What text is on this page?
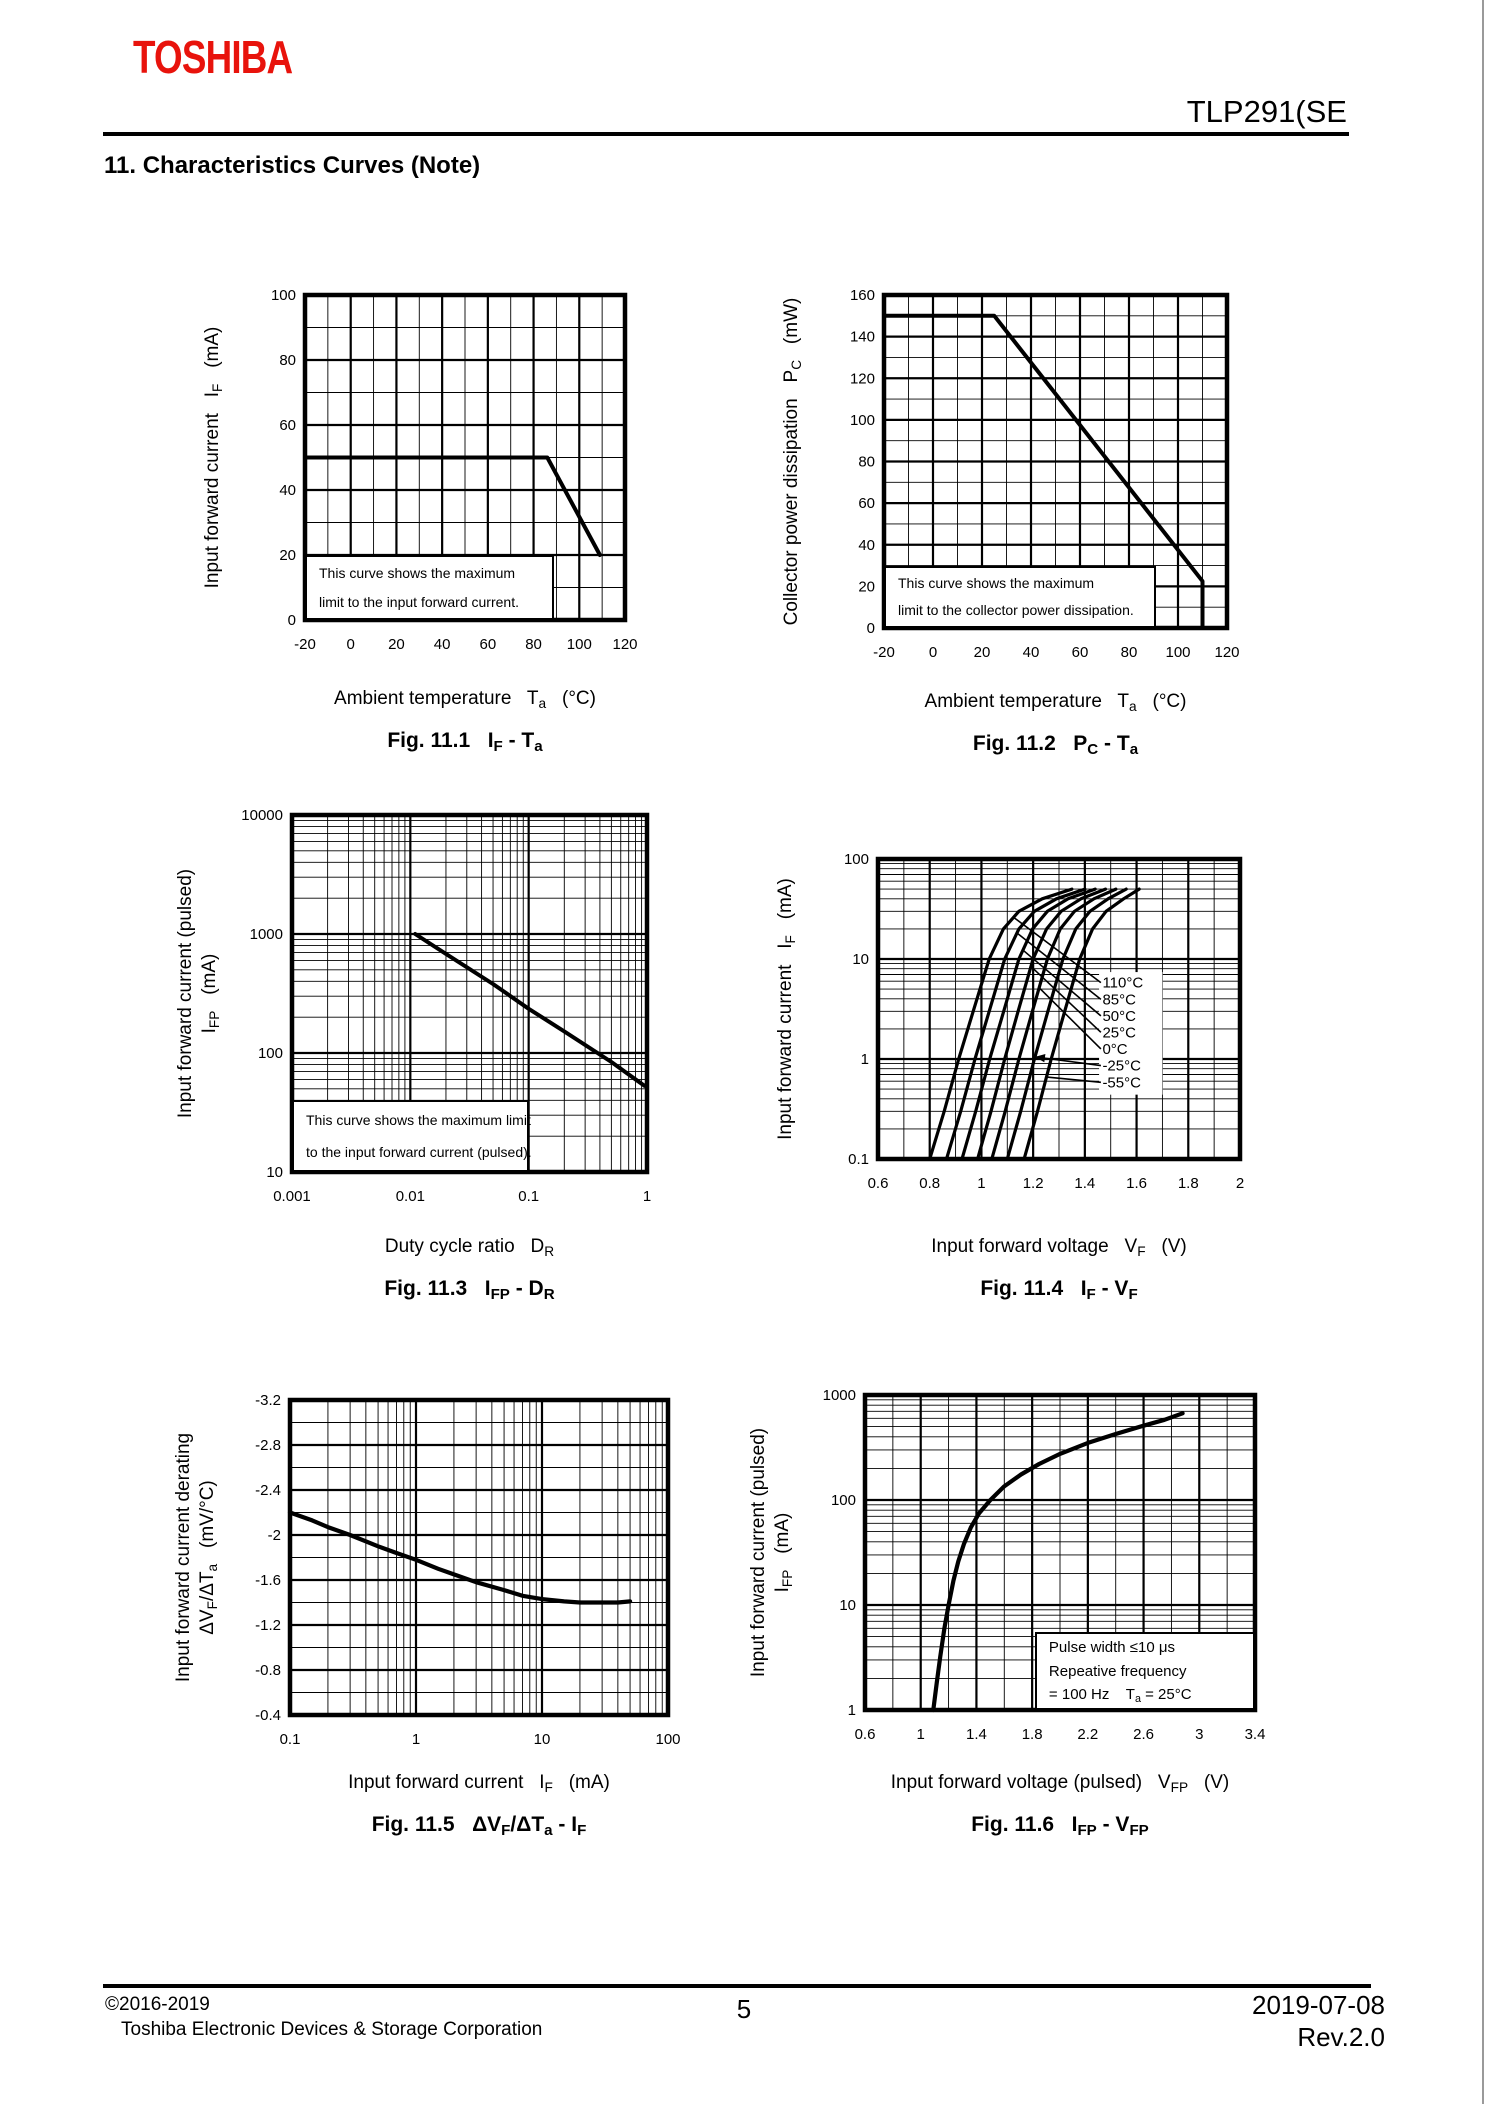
TOSHIBA
TLP291(SE
11. Characteristics Curves (Note)
-20 0 20 40 60 80 100 120
0
20
40
60
80
100
Input forward current   $I_F$   (mA)
Ambient temperature   $T_a$   (°C)
Fig. 11.1   $I_F - T_a$
This curve shows the maximum
limit to the input forward current.
-20 0 20 40 60 80 100 120
0
20
40
60
80
100
120
140
160
Collector power dissipation   $P_C$   (mW)
Ambient temperature   $T_a$   (°C)
Fig. 11.2   $P_C - T_a$
This curve shows the maximum
limit to the collector power dissipation.
0.001	0.01	0.1	1
10
100
1000
10000
Input forward current (pulsed) $I_{FP}$   (mA)
Duty cycle ratio   $D_R$
Fig. 11.3   $I_{FP} - D_R$
This curve shows the maximum limit
to the input forward current (pulsed).
0.6 0.8 1 1.2 1.4 1.6 1.8 2
0.1
1
10
100
110°C
85°C
50°C
25°C
0°C
-25°C
-55°C
Input forward current   $I_F$   (mA)
Input forward voltage   $V_F$   (V)
Fig. 11.4   $I_F - V_F$
0.1	1	10	100
-3.2
-2.8
-2.4
-2
-1.6
-1.2
-0.8
-0.4
Input forward current derating $\Delta V_F/\Delta T_a$   (mV/°C)
Input forward current   $I_F$   (mA)
Fig. 11.5   $\Delta V_F/\Delta T_a - I_F$
0.6	1	1.4 1.8 2.2 2.6	3	3.4
1
10
100
1000
Input forward current (pulsed) $I_{FP}$   (mA)
Input forward voltage (pulsed)   $V_{FP}$   (V)
Fig. 11.6   $I_{FP} - V_{FP}$
Pulse width ≤10 μs
Repeative frequency
= 100 Hz    $T_a = 25^\circ C$
©2016-2019
Toshiba Electronic Devices & Storage Corporation
5	2019-07-08
Rev.2.0
